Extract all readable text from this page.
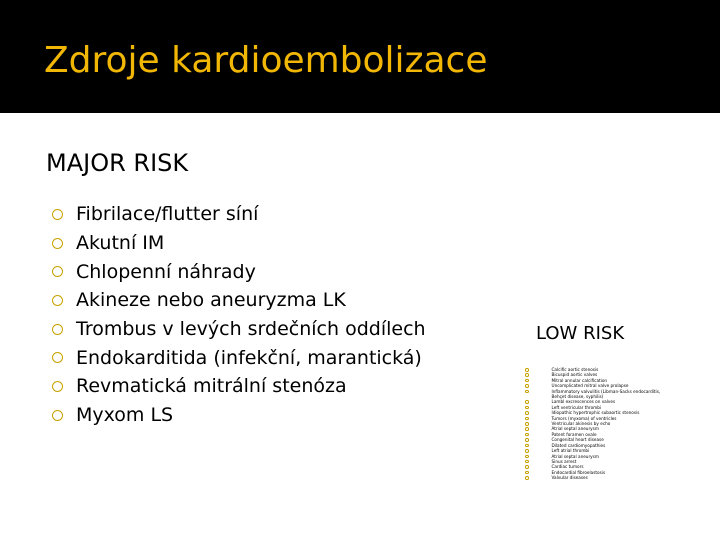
Zdroje kardioembolizace
MAJOR RISK
Fibrilace/flutter síní
Akutní IM
Chlopenní náhrady
Akineze nebo aneuryzma LK
Trombus v levých srdečních oddílech
Endokarditida (infekční, marantická)
Revmatická mitrální stenóza
Myxom LS
LOW RISK
Calcific aortic stenosis
Bicuspid aortic valves
Mitral annular calcification
Uncomplicated mitral valve prolapse
Inflammatory valvulitis (Libman-Sacks endocarditis, Behçet disease, syphilis)
Lambl excrescences on valves
Left ventricular thrombi
Idiopathic hypertrophic subaortic stenosis
Tumors (myxoma) of ventricles
Ventricular akinesis by echo
Atrial septal aneurysm
Patent foramen ovale
Congenital heart disease
Dilated cardiomyopathies
Left atrial thrombi
Atrial septal aneurysm
Sinus arrest
Cardiac tumors
Endocardial fibroelastosis
Valvular diseases
